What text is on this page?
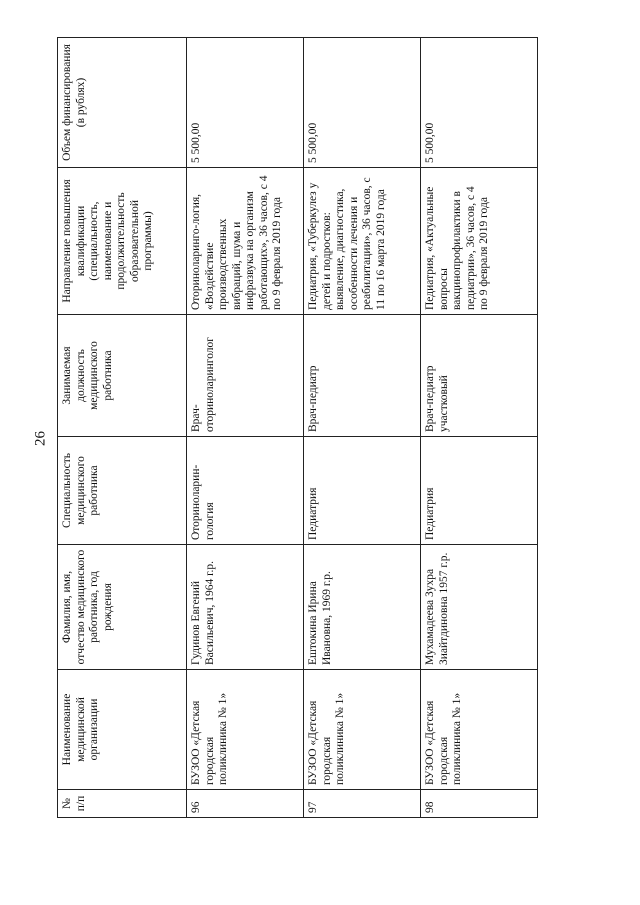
26
№ п/п	Наименование медицинской организации	Фамилия, имя, отчество медицинского работника, год рождения	Специальность медицинского работника	Занимаемая должность медицинского работника	Направление повышения квалификации (специальность, наименование и продолжительность образовательной программы)	Объем финансирования (в рублях)
96	БУЗОО «Детская городская поликлиника № 1»	Гудинов Евгений Васильевич, 1964 г.р.	Оториноларин-гология	Врач-оториноларинголог	Оториноларинго-логия, «Воздействие производственных вибраций, шума и инфразвука на организм работающих», 36 часов, с 4 по 9 февраля 2019 года	5 500,00
97	БУЗОО «Детская городская поликлиника № 1»	Ештокина Ирина Ивановна, 1969 г.р.	Педиатрия	Врач-педиатр	Педиатрия, «Туберкулез у детей и подростков: выявление, диагностика, особенности лечения и реабилитации», 36 часов, с 11 по 16 марта 2019 года	5 500,00
98	БУЗОО «Детская городская поликлиника № 1»	Мухамадеева Зухра Зиайтдиновна 1957 г.р.	Педиатрия	Врач-педиатр участковый	Педиатрия, «Актуальные вопросы вакцинопрофилактики в педиатрии», 36 часов, с 4 по 9 февраля 2019 года	5 500,00
